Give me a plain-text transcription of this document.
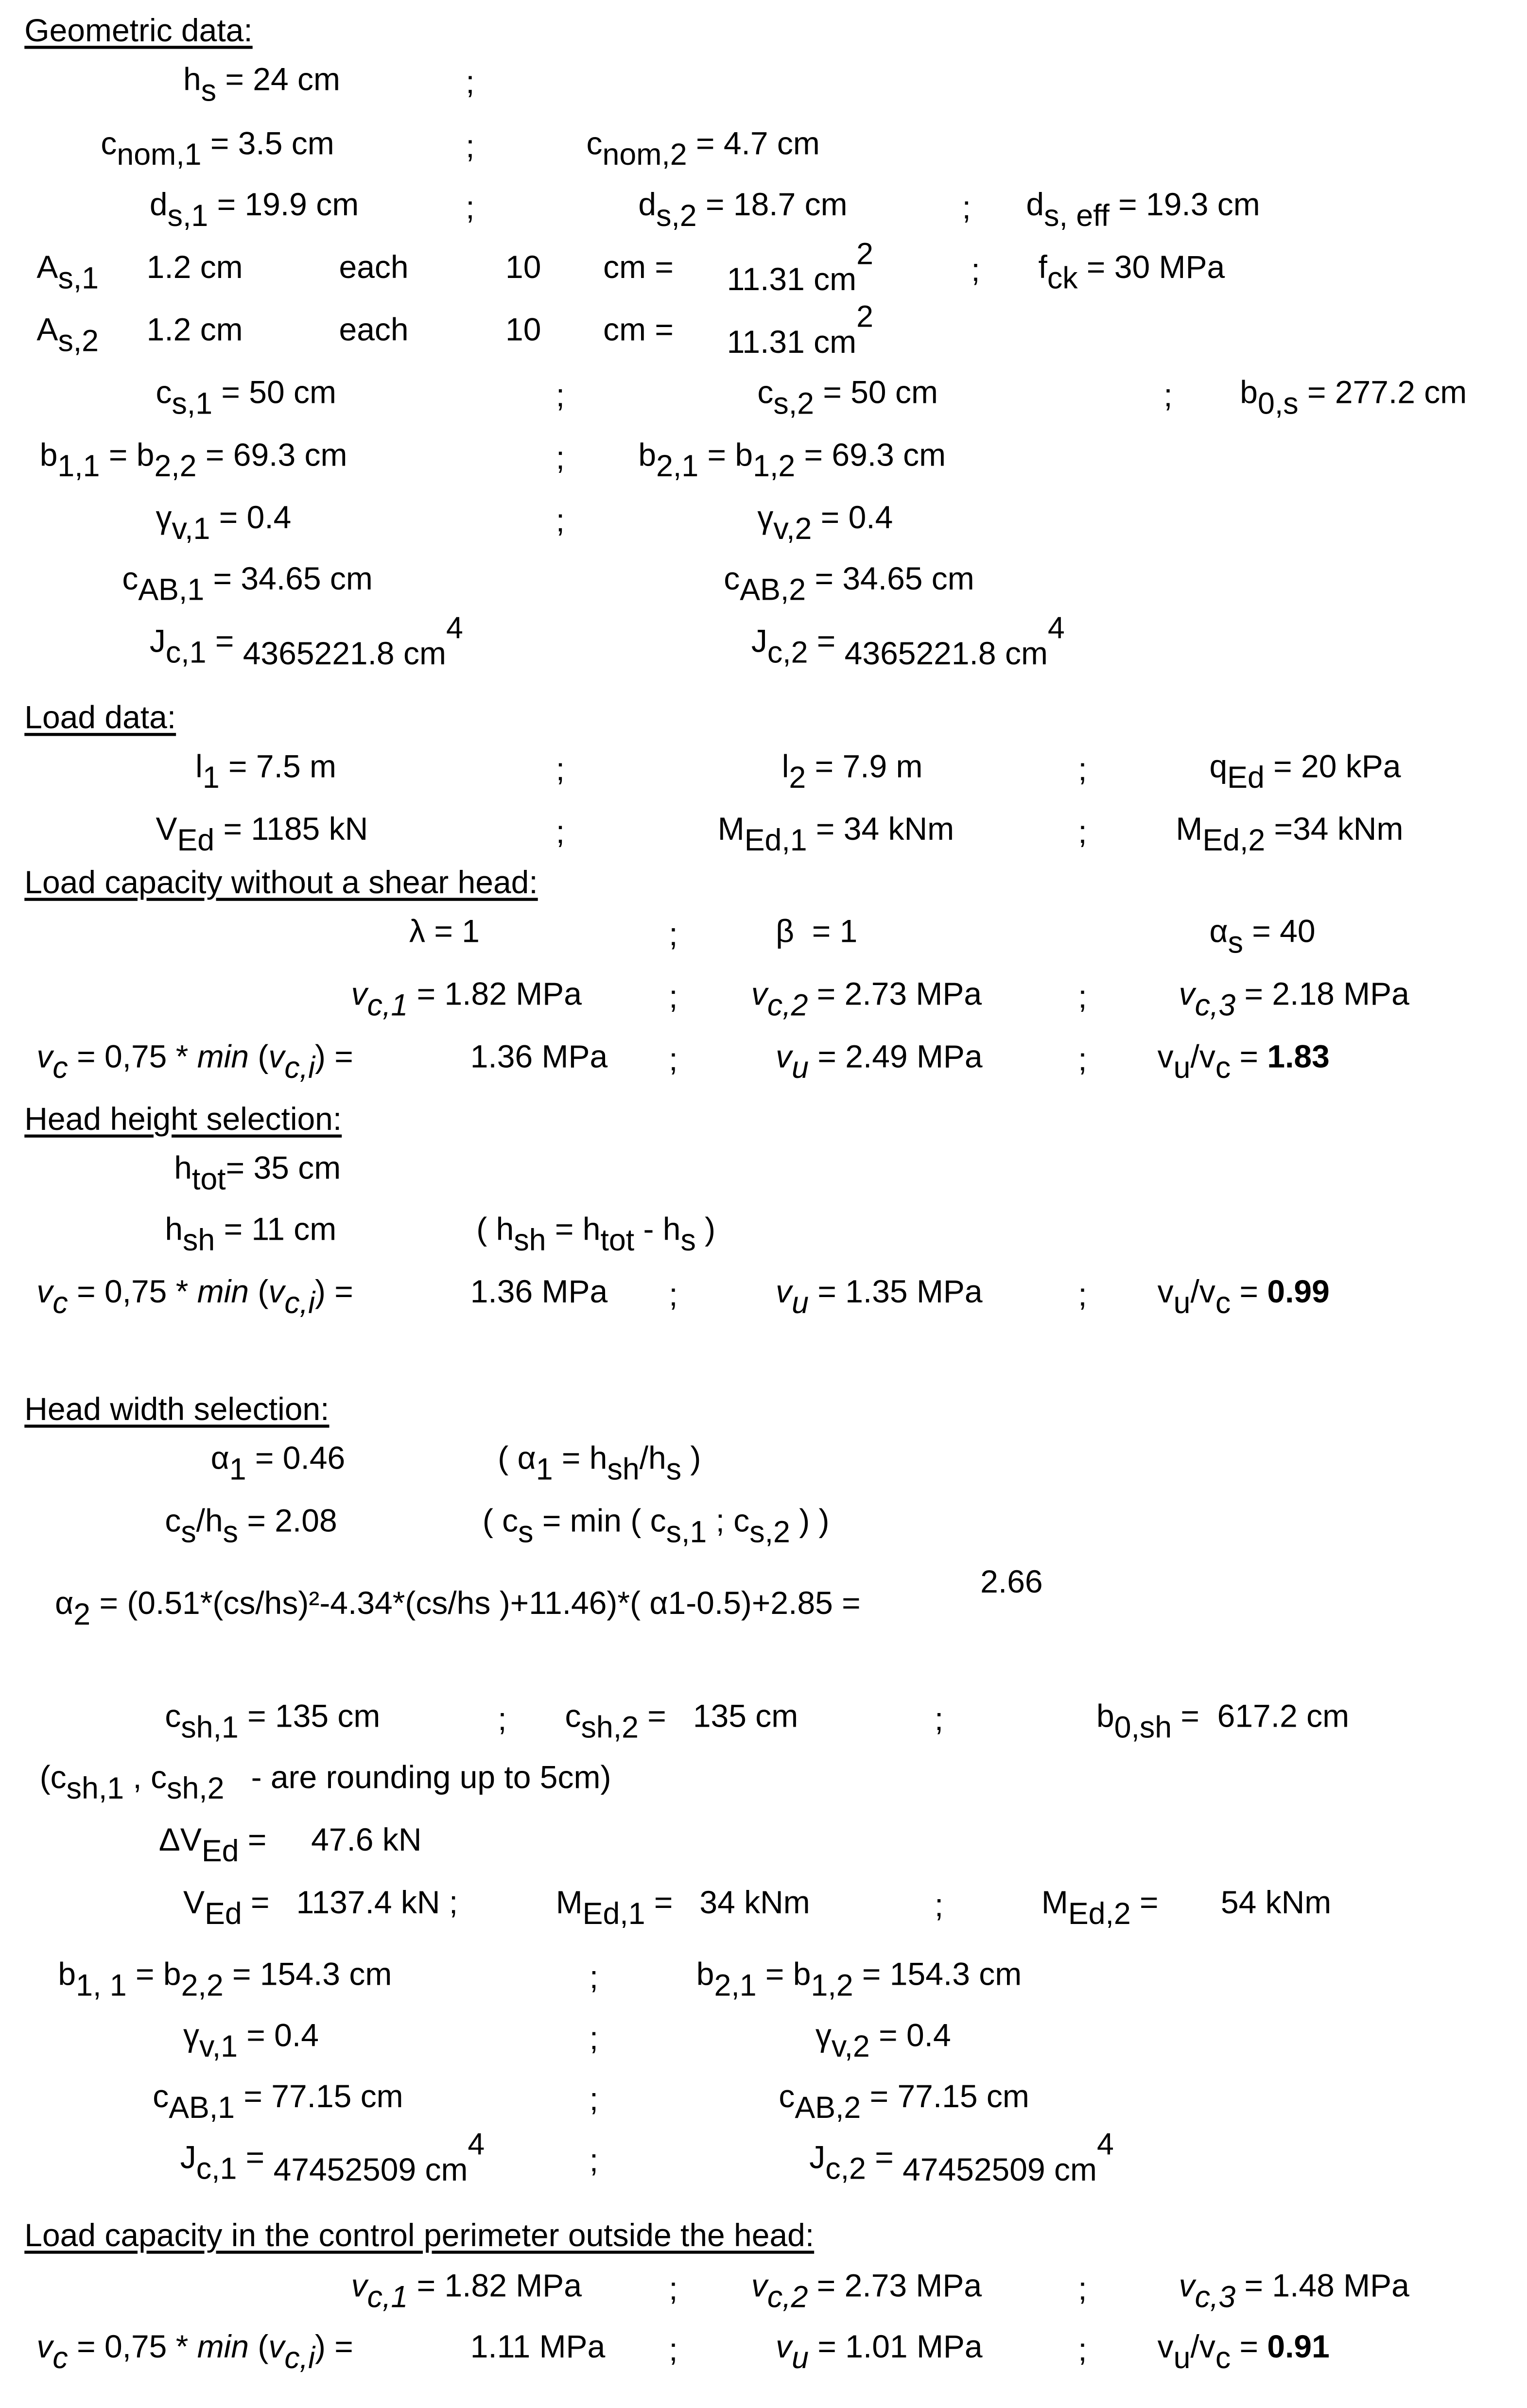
Geometric data:
$h_s = 24$ cm	;
$c_{nom,1} = 3.5$ cm	;	$c_{nom,2} = 4.7$ cm
$d_{s,1} = 19.9$ cm	;	$d_{s,2} = 18.7$ cm	;	$d_{s, eff} = 19.3$ cm
$A_{s,1}$	1.2 cm	each	10	cm =	11.31 $cm^2$	;	$f_{ck} = 30$ MPa
$A_{s,2}$	1.2 cm	each	10	cm =	11.31 $cm^2$
$c_{s,1} = 50$ cm	;	$c_{s,2} = 50$ cm	;	$b_{0,s} = 277.2$ cm
$b_{1,1} = b_{2,2} = 69.3$ cm	;	$b_{2,1} = b_{1,2} = 69.3$ cm
$\gamma_{v,1} = 0.4$	;	$\gamma_{v,2} = 0.4$
$c_{AB,1} = 34.65$ cm	$c_{AB,2} = 34.65$ cm
$J_{c,1} = 4365221.8$ $cm^4$	$J_{c,2} = 4365221.8$ $cm^4$
Load data:
$l_1 = 7.5$ m	;	$l_2 = 7.9$ m	;	$q_{Ed} = 20$ kPa
$V_{Ed} = 1185$ kN	;	$M_{Ed,1} = 34$ kNm	;	$M_{Ed,2} =34$ kNm
Load capacity without a shear head:
λ = 1	;	β  = 1	$\alpha_s = 40$
$v_{c,1} = 1.82$ MPa	;	$v_{c,2} = 2.73$ MPa	;	$v_{c,3} = 2.18$ MPa
$v_c = 0,75 * \min (v_{c,i})$ =	1.36 MPa	;	$v_u = 2.49$ MPa	;	$v_u/v_c = 1.83$
Head height selection:
$h_{tot}= 35$ cm
$h_{sh} = 11$ cm	( $h_{sh} = h_{tot} - h_s$ )
$v_c = 0,75 * \min (v_{c,i})$ =	1.36 MPa	;	$v_u = 1.35$ MPa	;	$v_u/v_c = 0.99$
Head width selection:
$\alpha_1 = 0.46$	( $\alpha_1 = h_{sh}/h_s$ )
$c_s/h_s = 2.08$	( $c_s = \min$ ( $c_{s,1}$ ; $c_{s,2}$ ) )
$\alpha_2 = (0.51*(cs/hs)^2-4.34*(cs/hs$ )+11.46)*( α1-0.5)+2.85 =
2.66
$c_{sh,1} = 135$ cm	;	$c_{sh,2} = 135$ cm	;	$b_{0,sh} = 617.2$ cm
($c_{sh,1}$ , $c_{sh,2}$	- are rounding up to 5cm)
$\Delta V_{Ed}$ =     47.6 kN
$V_{Ed} = 1137.4$ kN ;	$M_{Ed,1} = 34$ kNm	;	$M_{Ed,2}$ =       54 kNm
$b_{1, 1} = b_{2,2} = 154.3$ cm	;	$b_{2,1} = b_{1,2} = 154.3$ cm
$\gamma_{v,1} = 0.4$	;	$\gamma_{v,2} = 0.4$
$c_{AB,1} = 77.15$ cm	;	$c_{AB,2} = 77.15$ cm
$J_{c,1} = 47452509$ $cm^4$	;	$J_{c,2} = 47452509$ $cm^4$
Load capacity in the control perimeter outside the head:
$v_{c,1} = 1.82$ MPa	;	$v_{c,2} = 2.73$ MPa	;	$v_{c,3} = 1.48$ MPa
$v_c = 0,75 * \min (v_{c,i})$ =	1.11 MPa	;	$v_u = 1.01$ MPa	;	$v_u/v_c = 0.91$
